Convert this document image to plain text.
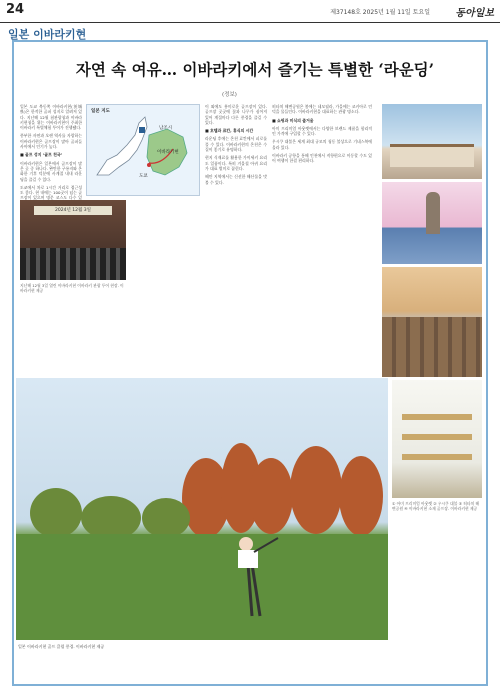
24	제37148호 2025년 1월 11일 토요일	동아일보
일본 이바라키현
자연 속 여유… 이바라키에서 즐기는 특별한 ‘라운딩’
(정보)

일본 도쿄 북동쪽 이바라키현(茨城県)은 한적한 골퍼 성지로 알려져 있다. 지난해 12월 첨관광청과 이바라키현청을 위는 이바라키현이 주최한 이바라키 특별체험 투어가 진행됐다.

풍부한 자연과 오랜 역사를 자랑하는 이바라키현은 골프장이 많아 골퍼들 사이에서 인기가 높다.

■ 골프 성지 ‘골프 천국’

이바라키현은 일본에서 골프장이 많은 곳 중 하나다. 완만한 구릉지와 온화한 기후 덕분에 사계절 내내 라운딩을 즐길 수 있다.

도쿄에서 차로 1시간 거리로 접근성도 좋다. 현 내에는 100곳이 넘는 골프장이 있으며 명문 코스도 다수 있

일본 지도
이바라키현
도쿄
남조시

이 외에도 흥미로운 골프장이 있다. 골프장 곳곳에 꽃과 나무가 심어져 있어 계절마다 다른 풍경을 즐길 수 있다.

■ 호텔과 료칸, 휴식의 시간

라운딩 후에는 온천 료칸에서 피로를 풀 수 있다. 이바라키현의 온천은 수질이 좋기로 유명하다.

현지 식재료를 활용한 가이세키 요리도 일품이다. 특히 겨울철 아귀 요리가 대표 별미로 꼽힌다.

해안 지역에서는 신선한 해산물을 맛볼 수 있다.

히타치 해변공원은 봄에는 네모필라, 가을에는 코키아로 언덕을 물들인다. 이바라키현을 대표하는 관광 명소다.

■ 쇼핑과 미식의 즐거움

아미 프리미엄 아웃렛에서는 다양한 브랜드 제품을 합리적인 가격에 구입할 수 있다.

우시쿠 대불은 세계 최대 규모의 청동 불상으로 기네스북에 올라 있다.

이바라키 공항을 통해 인천에서 직항편으로 이동할 수도 있어 여행이 한결 편리하다.

2024년 12월 3일
지난해 12월 3일 열린 이바라키현 이바라키 관광 투어 현장. 이바라키현 제공
일본 이바라키현 골프 클럽 풍경. 이바라키현 제공
① 아미 프리미엄 아웃렛 ② 우시쿠 대불 ③ 히타치 해변공원 ④ 이바라키현 소재 골프장. 이바라키현 제공
